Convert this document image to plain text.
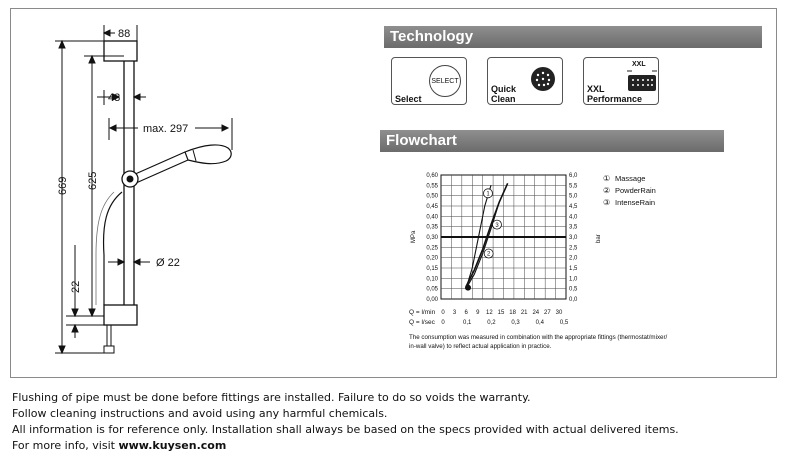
88
43
max. 297
Ø 22
669 625
22
Technology
SELECT
Select
Quick
Clean
XXL
Performance
XXL
Flowchart
1
2
3
0,60
0,55
0,50
0,45
0,40
0,35
0,30
0,25
0,20
0,15
0,10
0,05
0,00
6,0
5,5
5,0
4,5
4,0
3,5
3,0
2,5
2,0
1,5
1,0
0,5
0,0
0 3 6 9 12 15 18 21 24 27 30
0	0,1	0,2	0,3	0,4	0,5
MPa	bar
Q = l/min
Q = l/sec
① Massage
② PowderRain
③ IntenseRain
The consumption was measured in combination with the appropriate fittings (thermostat/mixer/
in-wall valve) to reflect actual application in practice.
Flushing of pipe must be done before fittings are installed. Failure to do so voids the warranty.
Follow cleaning instructions and avoid using any harmful chemicals.
All information is for reference only. Installation shall always be based on the specs provided with actual delivered items.
For more info, visit www.kuysen.com
